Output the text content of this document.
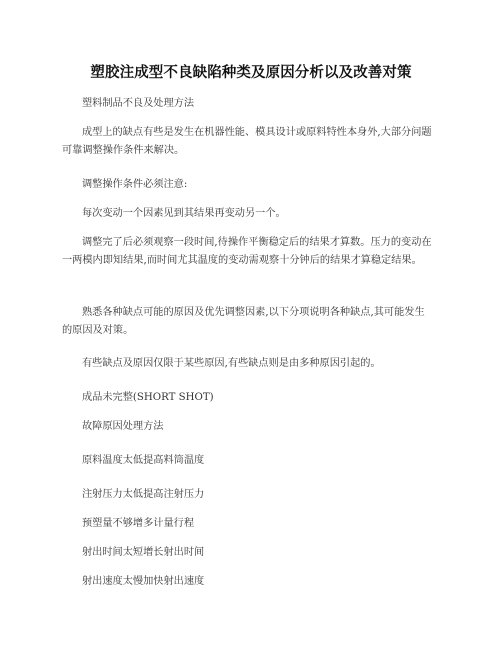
塑胶注成型不良缺陷种类及原因分析以及改善对策

塑料制品不良及处理方法

成型上的缺点有些是发生在机器性能、模具设计或原料特性本身外,大部分问题可靠调整操作条件来解决。

调整操作条件必须注意:

每次变动一个因素见到其结果再变动另一个。

调整完了后必须观察一段时间,待操作平衡稳定后的结果才算数。压力的变动在一两模内即知结果,而时间尤其温度的变动需观察十分钟后的结果才算稳定结果。

熟悉各种缺点可能的原因及优先调整因素,以下分项说明各种缺点,其可能发生的原因及对策。

有些缺点及原因仅限于某些原因,有些缺点则是由多种原因引起的。

成品未完整(SHORT SHOT)

故障原因处理方法

原料温度太低提高料筒温度

注射压力太低提高注射压力

预塑量不够增多计量行程

射出时间太短增长射出时间

射出速度太慢加快射出速度
